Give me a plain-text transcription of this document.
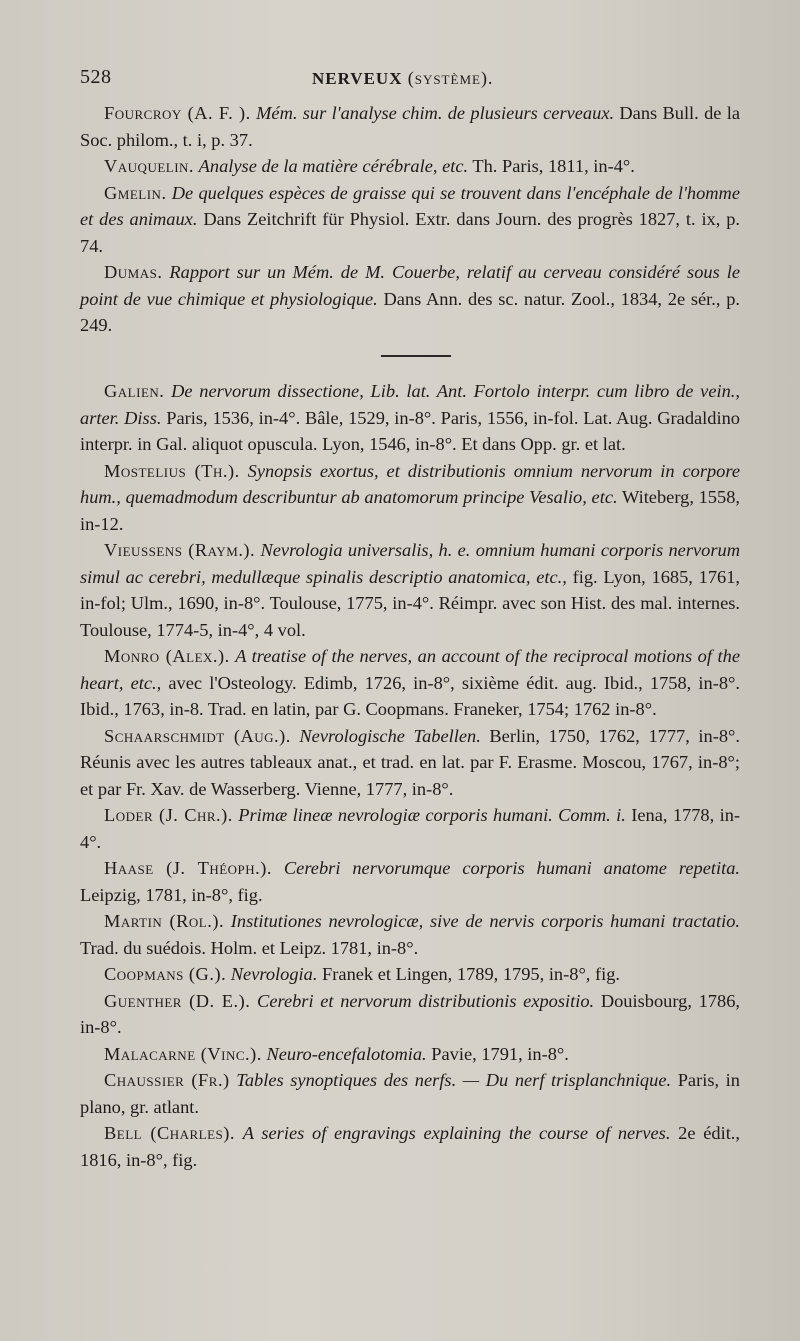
528	NERVEUX (système).

Fourcroy (A. F. ). Mém. sur l'analyse chim. de plusieurs cerveaux. Dans Bull. de la Soc. philom., t. i, p. 37.

Vauquelin. Analyse de la matière cérébrale, etc. Th. Paris, 1811, in-4°.

Gmelin. De quelques espèces de graisse qui se trouvent dans l'encéphale de l'homme et des animaux. Dans Zeitchrift für Physiol. Extr. dans Journ. des progrès 1827, t. ix, p. 74.

Dumas. Rapport sur un Mém. de M. Couerbe, relatif au cerveau considéré sous le point de vue chimique et physiologique. Dans Ann. des sc. natur. Zool., 1834, 2e sér., p. 249.

Galien. De nervorum dissectione, Lib. lat. Ant. Fortolo interpr. cum libro de vein., arter. Diss. Paris, 1536, in-4°. Bâle, 1529, in-8°. Paris, 1556, in-fol. Lat. Aug. Gradaldino interpr. in Gal. aliquot opuscula. Lyon, 1546, in-8°. Et dans Opp. gr. et lat.

Mostelius (Th.). Synopsis exortus, et distributionis omnium nervorum in corpore hum., quemadmodum describuntur ab anatomorum principe Vesalio, etc. Witeberg, 1558, in-12.

Vieussens (Raym.). Nevrologia universalis, h. e. omnium humani corporis nervorum simul ac cerebri, medullæque spinalis descriptio anatomica, etc., fig. Lyon, 1685, 1761, in-fol; Ulm., 1690, in-8°. Toulouse, 1775, in-4°. Réimpr. avec son Hist. des mal. internes. Toulouse, 1774-5, in-4°, 4 vol.

Monro (Alex.). A treatise of the nerves, an account of the reciprocal motions of the heart, etc., avec l'Osteology. Edimb, 1726, in-8°, sixième édit. aug. Ibid., 1758, in-8°. Ibid., 1763, in-8. Trad. en latin, par G. Coopmans. Franeker, 1754; 1762 in-8°.

Schaarschmidt (Aug.). Nevrologische Tabellen. Berlin, 1750, 1762, 1777, in-8°. Réunis avec les autres tableaux anat., et trad. en lat. par F. Erasme. Moscou, 1767, in-8°; et par Fr. Xav. de Wasserberg. Vienne, 1777, in-8°.

Loder (J. Chr.). Primæ lineæ nevrologiæ corporis humani. Comm. i. Iena, 1778, in-4°.

Haase (J. Théoph.). Cerebri nervorumque corporis humani anatome repetita. Leipzig, 1781, in-8°, fig.

Martin (Rol.). Institutiones nevrologicæ, sive de nervis corporis humani tractatio. Trad. du suédois. Holm. et Leipz. 1781, in-8°.

Coopmans (G.). Nevrologia. Franek et Lingen, 1789, 1795, in-8°, fig.

Guenther (D. E.). Cerebri et nervorum distributionis expositio. Douisbourg, 1786, in-8°.

Malacarne (Vinc.). Neuro-encefalotomia. Pavie, 1791, in-8°.

Chaussier (Fr.) Tables synoptiques des nerfs. — Du nerf trisplanchnique. Paris, in plano, gr. atlant.

Bell (Charles). A series of engravings explaining the course of nerves. 2e édit., 1816, in-8°, fig.
